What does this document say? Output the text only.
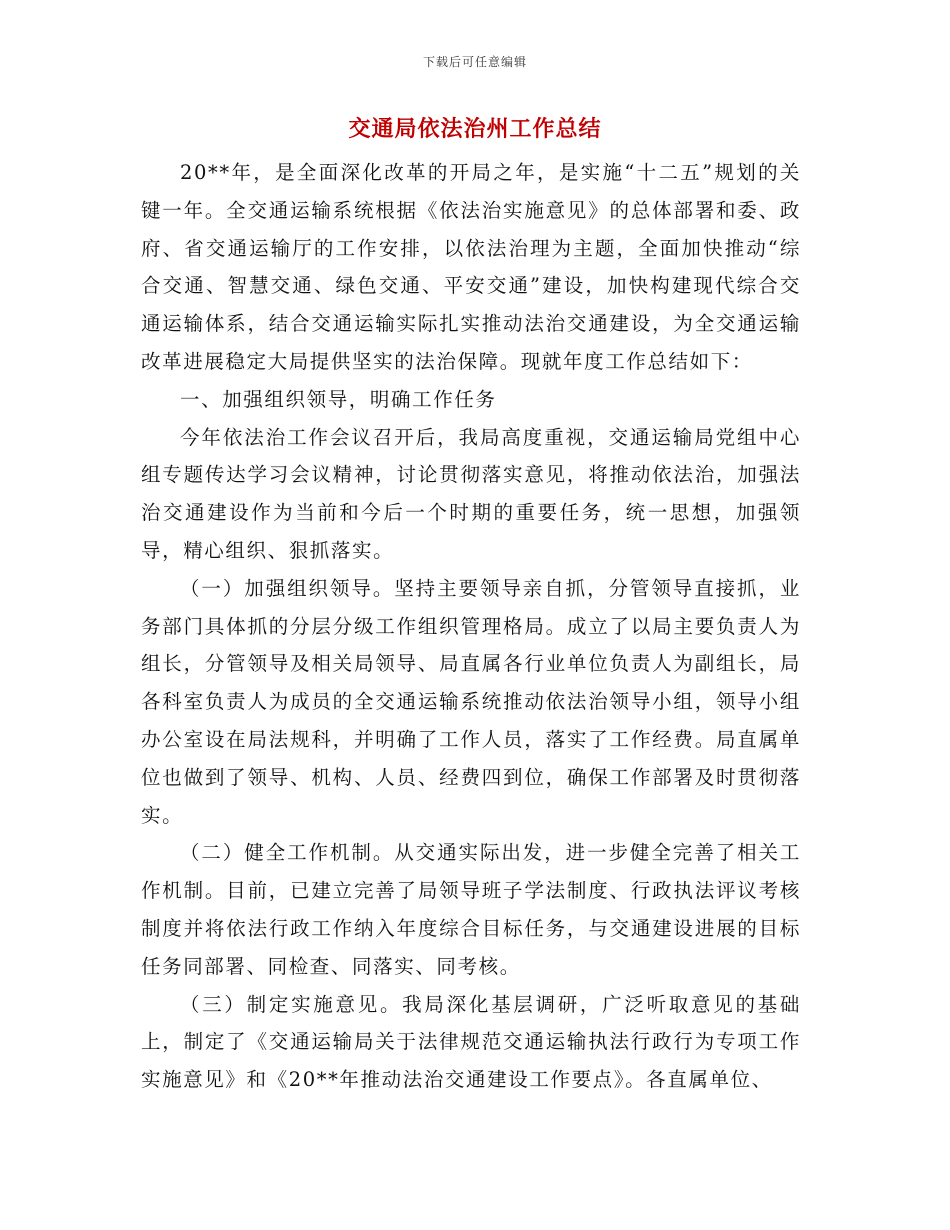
下载后可任意编辑
交通局依法治州工作总结

20**年，是全面深化改革的开局之年，是实施“十二五”规划的关键一年。全交通运输系统根据《依法治实施意见》的总体部署和委、政府、省交通运输厅的工作安排，以依法治理为主题，全面加快推动“综合交通、智慧交通、绿色交通、平安交通”建设，加快构建现代综合交通运输体系，结合交通运输实际扎实推动法治交通建设，为全交通运输改革进展稳定大局提供坚实的法治保障。现就年度工作总结如下：

一、加强组织领导，明确工作任务

今年依法治工作会议召开后，我局高度重视，交通运输局党组中心组专题传达学习会议精神，讨论贯彻落实意见，将推动依法治，加强法治交通建设作为当前和今后一个时期的重要任务，统一思想，加强领导，精心组织、狠抓落实。

（一）加强组织领导。坚持主要领导亲自抓，分管领导直接抓，业务部门具体抓的分层分级工作组织管理格局。成立了以局主要负责人为组长，分管领导及相关局领导、局直属各行业单位负责人为副组长，局各科室负责人为成员的全交通运输系统推动依法治领导小组，领导小组办公室设在局法规科，并明确了工作人员，落实了工作经费。局直属单位也做到了领导、机构、人员、经费四到位，确保工作部署及时贯彻落实。

（二）健全工作机制。从交通实际出发，进一步健全完善了相关工作机制。目前，已建立完善了局领导班子学法制度、行政执法评议考核制度并将依法行政工作纳入年度综合目标任务，与交通建设进展的目标任务同部署、同检查、同落实、同考核。

（三）制定实施意见。我局深化基层调研，广泛听取意见的基础上，制定了《交通运输局关于法律规范交通运输执法行政行为专项工作实施意见》和《20**年推动法治交通建设工作要点》。各直属单位、
